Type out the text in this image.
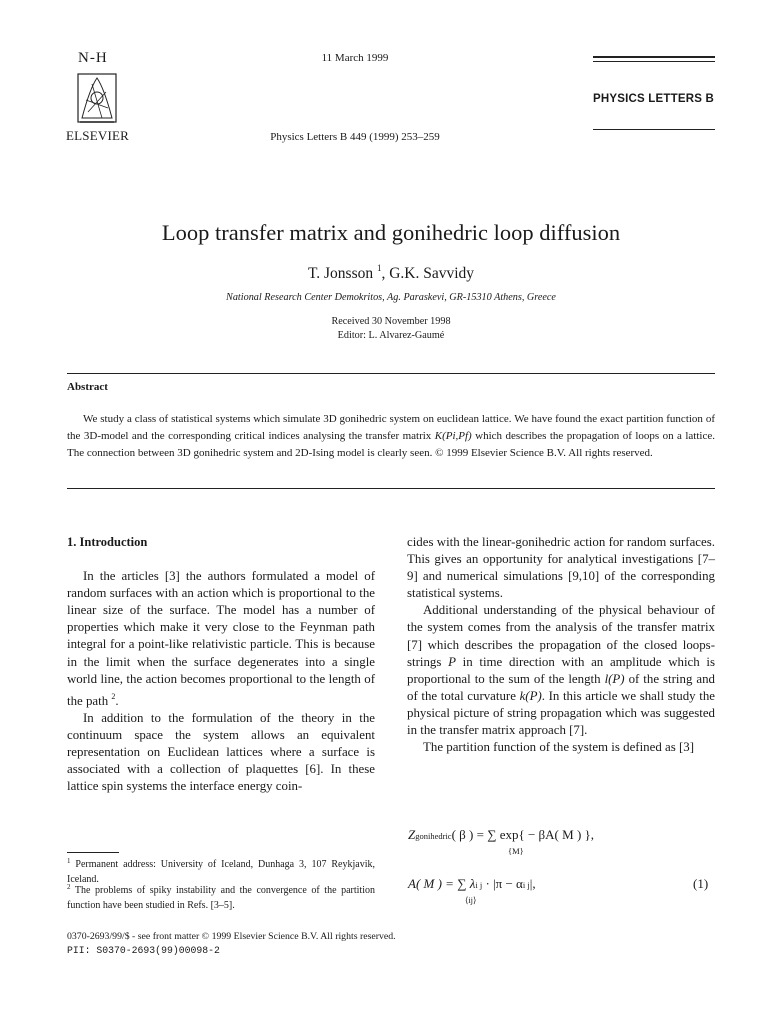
N-H
ELSEVIER
11 March 1999
Physics Letters B 449 (1999) 253–259
PHYSICS LETTERS B
Loop transfer matrix and gonihedric loop diffusion
T. Jonsson $^1$, G.K. Savvidy
National Research Center Demokritos, Ag. Paraskevi, GR-15310 Athens, Greece
Received 30 November 1998
Editor: L. Alvarez-Gaumé
Abstract

We study a class of statistical systems which simulate 3D gonihedric system on euclidean lattice. We have found the exact partition function of the 3D-model and the corresponding critical indices analysing the transfer matrix K(Pi,Pf) which describes the propagation of loops on a lattice. The connection between 3D gonihedric system and 2D-Ising model is clearly seen. © 1999 Elsevier Science B.V. All rights reserved.

1. Introduction

In the articles [3] the authors formulated a model of random surfaces with an action which is proportional to the linear size of the surface. The model has a number of properties which make it very close to the Feynman path integral for a point-like relativistic particle. This is because in the limit when the surface degenerates into a single world line, the action becomes proportional to the length of the path $^2$.

In addition to the formulation of the theory in the continuum space the system allows an equivalent representation on Euclidean lattices where a surface is associated with a collection of plaquettes [6]. In these lattice spin systems the interface energy coin-

cides with the linear-gonihedric action for random surfaces. This gives an opportunity for analytical investigations [7–9] and numerical simulations [9,10] of the corresponding statistical systems.

Additional understanding of the physical behaviour of the system comes from the analysis of the transfer matrix [7] which describes the propagation of the closed loops-strings P in time direction with an amplitude which is proportional to the sum of the length l(P) of the string and of the total curvature k(P). In this article we shall study the physical picture of string propagation which was suggested in the transfer matrix approach [7].

The partition function of the system is defined as [3]

Zgonihedric( β ) = ∑ exp{ − βA( M ) },
{M}
A( M ) = ∑ λi j · |π − αi j|,
⟨ij⟩
(1)
$^1$ Permanent address: University of Iceland, Dunhaga 3, 107 Reykjavik, Iceland.
$^2$ The problems of spiky instability and the convergence of the partition function have been studied in Refs. [3–5].
0370-2693/99/$ - see front matter © 1999 Elsevier Science B.V. All rights reserved.
PII: S0370-2693(99)00098-2
